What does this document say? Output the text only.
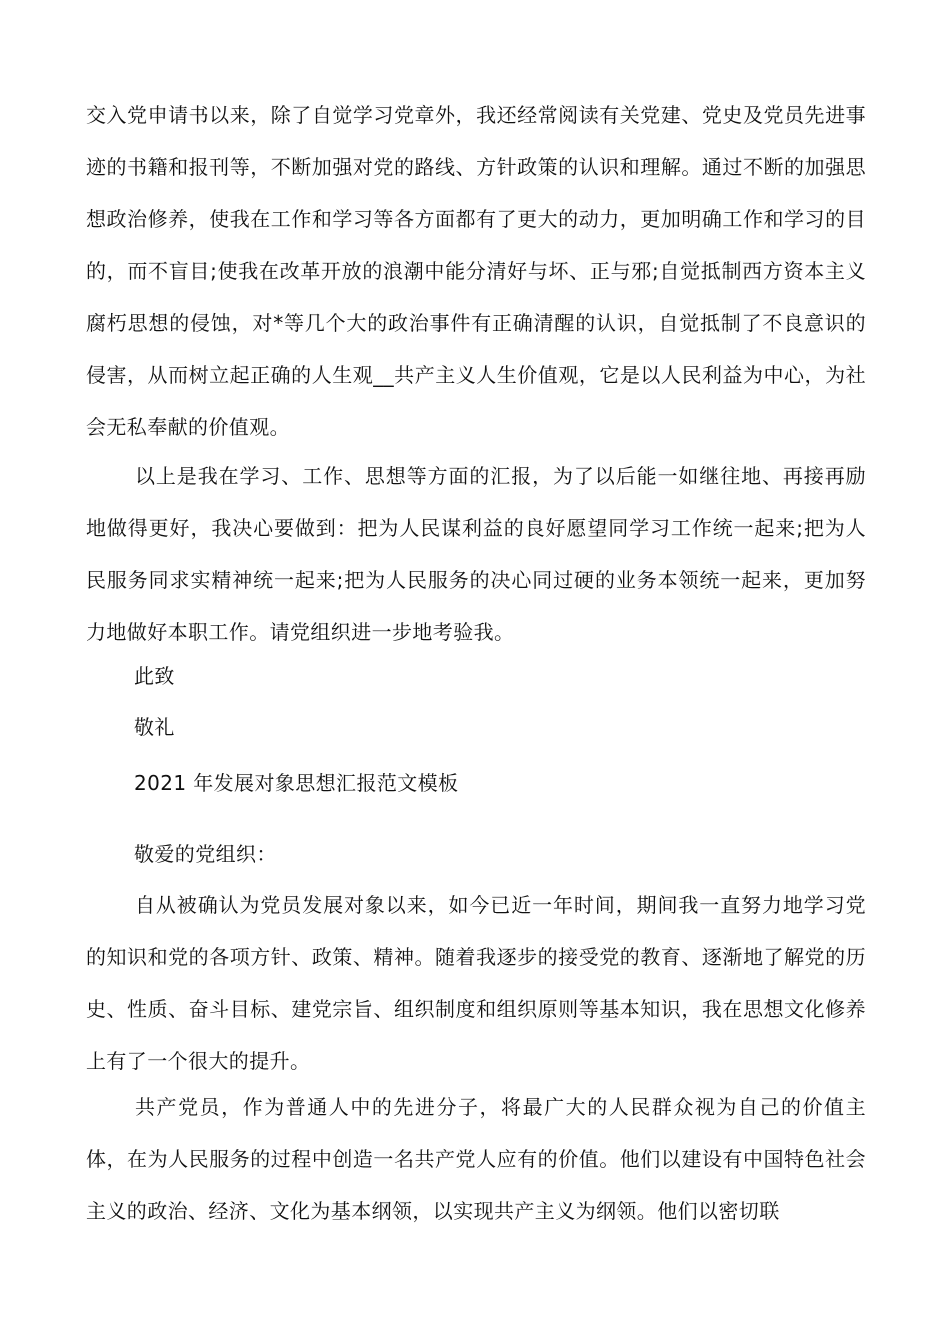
交入党申请书以来，除了自觉学习党章外，我还经常阅读有关党建、党史及党员先进事迹的书籍和报刊等，不断加强对党的路线、方针政策的认识和理解。通过不断的加强思想政治修养，使我在工作和学习等各方面都有了更大的动力，更加明确工作和学习的目的，而不盲目;使我在改革开放的浪潮中能分清好与坏、正与邪;自觉抵制西方资本主义腐朽思想的侵蚀，对*等几个大的政治事件有正确清醒的认识，自觉抵制了不良意识的侵害，从而树立起正确的人生观__共产主义人生价值观，它是以人民利益为中心，为社会无私奉献的价值观。

以上是我在学习、工作、思想等方面的汇报，为了以后能一如继往地、再接再励地做得更好，我决心要做到：把为人民谋利益的良好愿望同学习工作统一起来;把为人民服务同求实精神统一起来;把为人民服务的决心同过硬的业务本领统一起来，更加努力地做好本职工作。请党组织进一步地考验我。

此致

敬礼

2021 年发展对象思想汇报范文模板

敬爱的党组织：

自从被确认为党员发展对象以来，如今已近一年时间，期间我一直努力地学习党的知识和党的各项方针、政策、精神。随着我逐步的接受党的教育、逐渐地了解党的历史、性质、奋斗目标、建党宗旨、组织制度和组织原则等基本知识，我在思想文化修养上有了一个很大的提升。

共产党员，作为普通人中的先进分子，将最广大的人民群众视为自己的价值主体，在为人民服务的过程中创造一名共产党人应有的价值。他们以建设有中国特色社会主义的政治、经济、文化为基本纲领，以实现共产主义为纲领。他们以密切联
